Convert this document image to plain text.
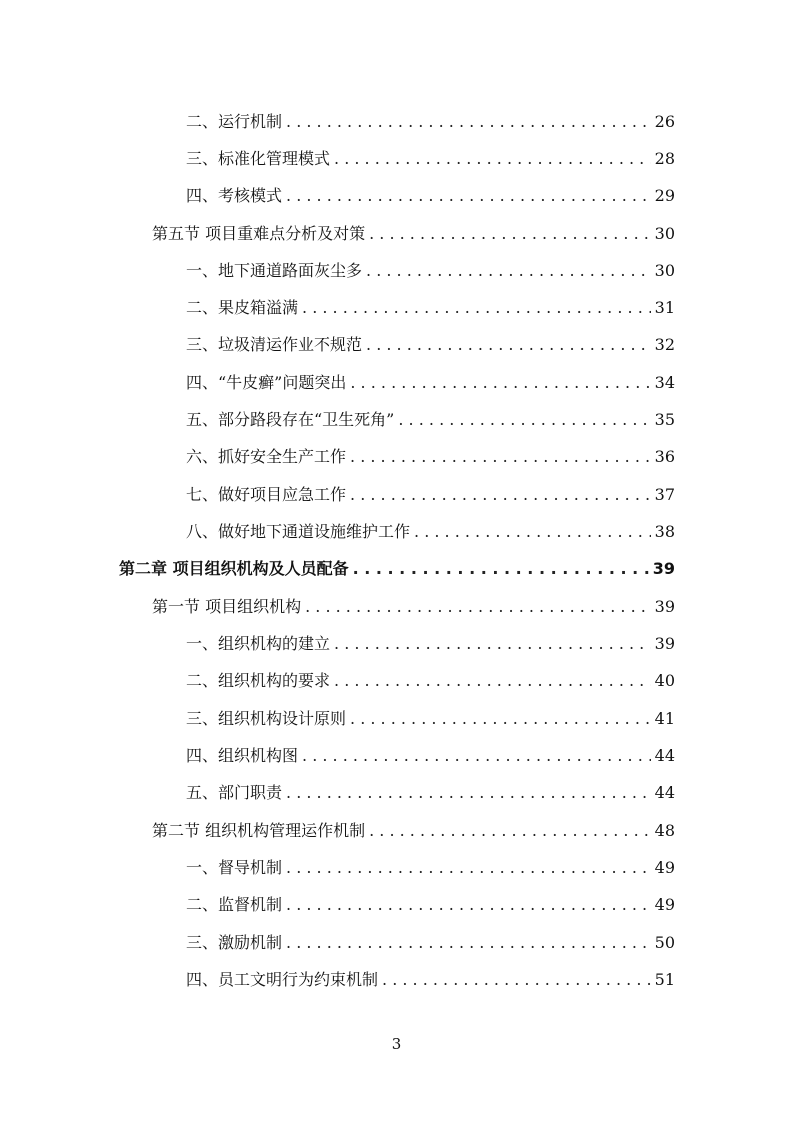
二、运行机制 . . .	26
三、标准化管理模式 . . .	28
四、考核模式 . . .	29
第五节 项目重难点分析及对策 . . .	30
一、地下通道路面灰尘多 . . .	30
二、果皮箱溢满 . . .	31
三、垃圾清运作业不规范 . . .	32
四、“牛皮癣”问题突出 . . .	34
五、部分路段存在“卫生死角” . . .	35
六、抓好安全生产工作 . . .	36
七、做好项目应急工作 . . .	37
八、做好地下通道设施维护工作 . . .	38
第二章 项目组织机构及人员配备 . . .	39
第一节 项目组织机构 . . .	39
一、组织机构的建立 . . .	39
二、组织机构的要求 . . .	40
三、组织机构设计原则 . . .	41
四、组织机构图 . . .	44
五、部门职责 . . .	44
第二节 组织机构管理运作机制 . . .	48
一、督导机制 . . .	49
二、监督机制 . . .	49
三、激励机制 . . .	50
四、员工文明行为约束机制 . . .	51
3
